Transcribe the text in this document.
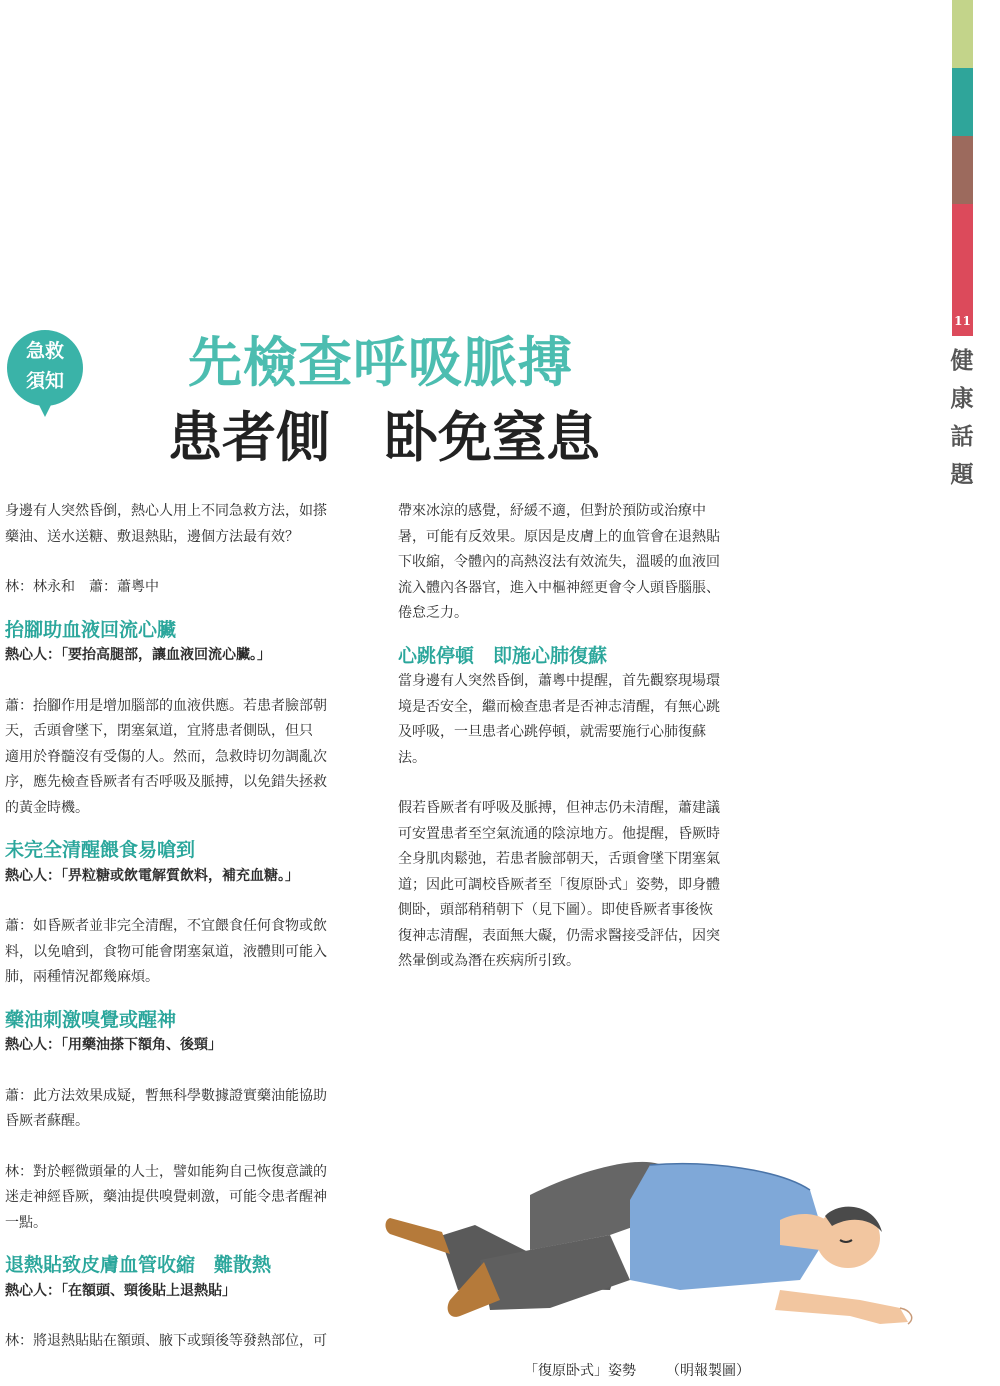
11
健
康
話
題
急救
須知	先檢查呼吸脈搏
患者側　卧免窒息

身邊有人突然昏倒，熱心人用上不同急救方法，如搽

藥油、送水送糖、敷退熱貼，邊個方法最有效？

林：林永和　蕭：蕭粵中

抬腳助血液回流心臟

熱心人：「要抬高腿部，讓血液回流心臟。」

蕭：抬腳作用是增加腦部的血液供應。若患者臉部朝

天，舌頭會墜下，閉塞氣道，宜將患者側臥，但只

適用於脊髓沒有受傷的人。然而，急救時切勿調亂次

序，應先檢查昏厥者有否呼吸及脈搏，以免錯失拯救

的黃金時機。

未完全清醒餵食易嗆到

熱心人：「畀粒糖或飲電解質飲料，補充血糖。」

蕭：如昏厥者並非完全清醒，不宜餵食任何食物或飲

料，以免嗆到，食物可能會閉塞氣道，液體則可能入

肺，兩種情況都幾麻煩。

藥油刺激嗅覺或醒神

熱心人：「用藥油搽下額角、後頸」

蕭：此方法效果成疑，暫無科學數據證實藥油能協助

昏厥者蘇醒。

林：對於輕微頭暈的人士，譬如能夠自己恢復意識的

迷走神經昏厥，藥油提供嗅覺刺激，可能令患者醒神

一點。

退熱貼致皮膚血管收縮　難散熱

熱心人：「在額頭、頸後貼上退熱貼」

林：將退熱貼貼在額頭、腋下或頸後等發熱部位，可

帶來冰涼的感覺，紓緩不適，但對於預防或治療中

暑，可能有反效果。原因是皮膚上的血管會在退熱貼

下收縮，令體內的高熱沒法有效流失，溫暖的血液回

流入體內各器官，進入中樞神經更會令人頭昏腦脹、

倦怠乏力。

心跳停頓　即施心肺復蘇

當身邊有人突然昏倒，蕭粵中提醒，首先觀察現場環

境是否安全，繼而檢查患者是否神志清醒，有無心跳

及呼吸，一旦患者心跳停頓，就需要施行心肺復蘇

法。

假若昏厥者有呼吸及脈搏，但神志仍未清醒，蕭建議

可安置患者至空氣流通的陰涼地方。他提醒，昏厥時

全身肌肉鬆弛，若患者臉部朝天，舌頭會墜下閉塞氣

道；因此可調校昏厥者至「復原卧式」姿勢，即身體

側卧，頭部稍稍朝下（見下圖）。即使昏厥者事後恢

復神志清醒，表面無大礙，仍需求醫接受評估，因突

然暈倒或為潛在疾病所引致。

「復原卧式」姿勢 （明報製圖）
